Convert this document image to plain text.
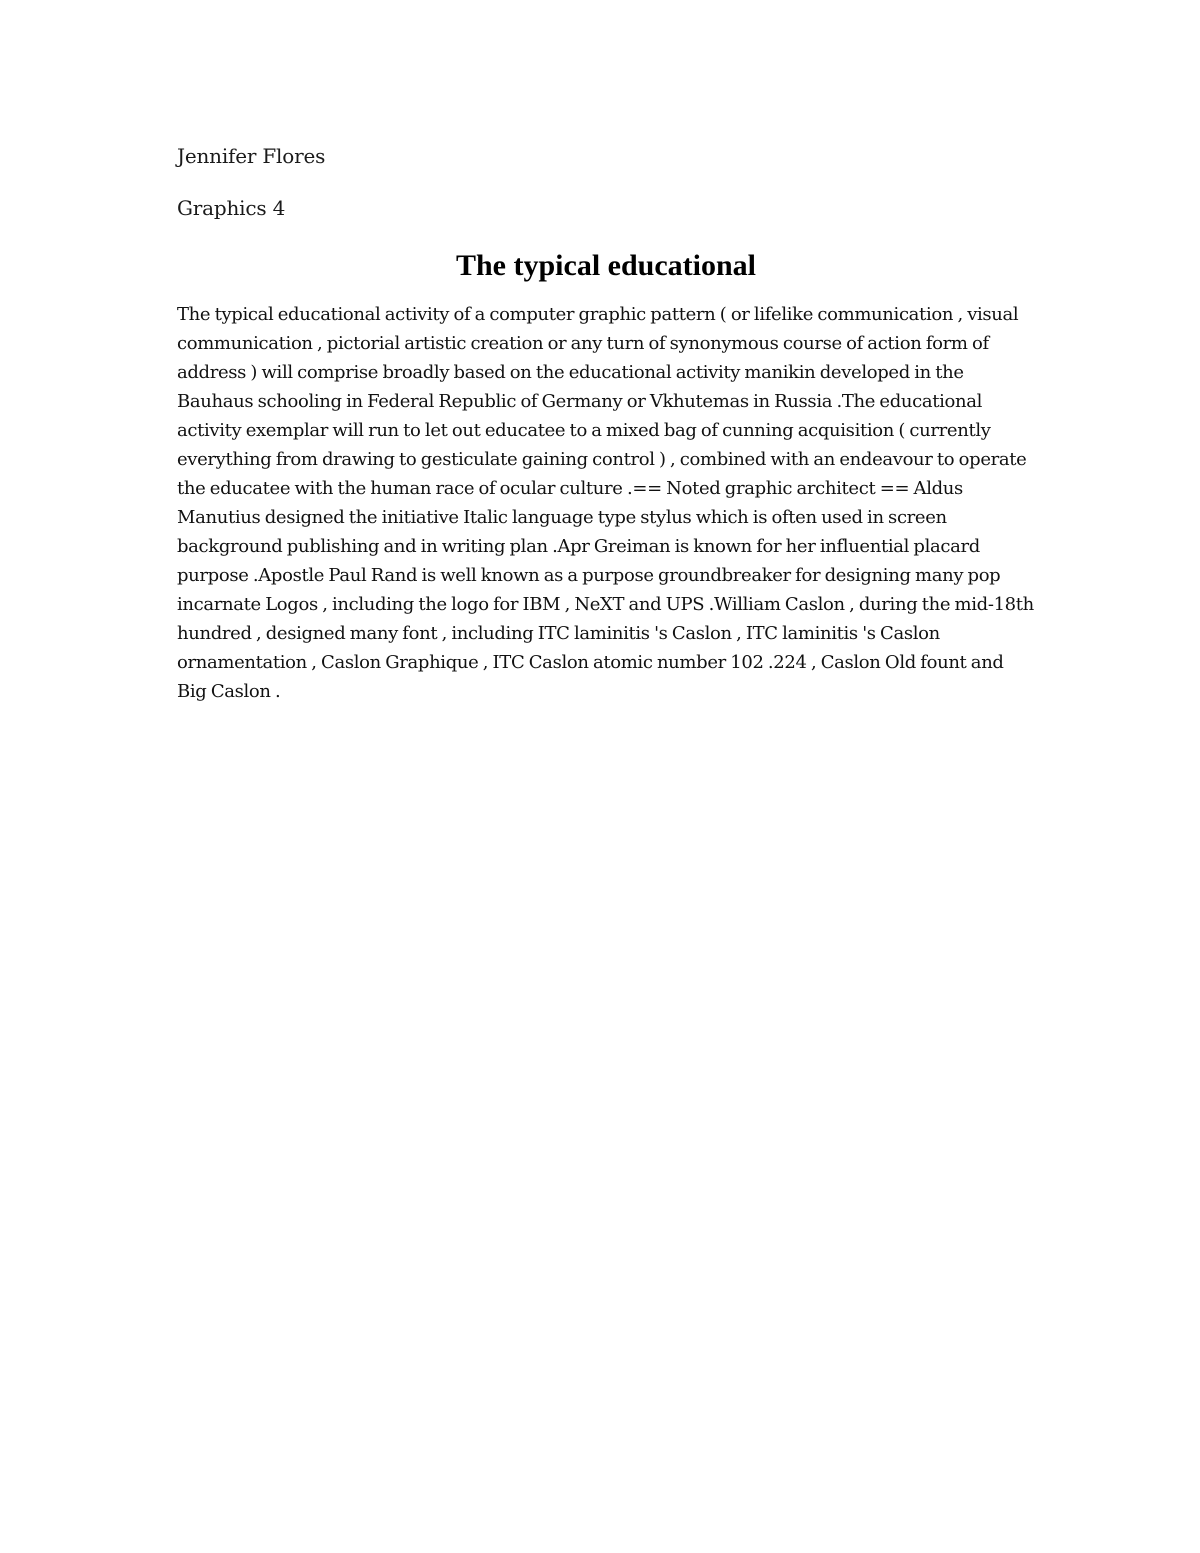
Jennifer Flores

Graphics 4

The typical educational

The typical educational activity of a computer graphic pattern ( or lifelike communication , visual communication , pictorial artistic creation or any turn of synonymous course of action form of address ) will comprise broadly based on the educational activity manikin developed in the Bauhaus schooling in Federal Republic of Germany or Vkhutemas in Russia .The educational activity exemplar will run to let out educatee to a mixed bag of cunning acquisition ( currently everything from drawing to gesticulate gaining control ) , combined with an endeavour to operate the educatee with the human race of ocular culture .== Noted graphic architect == Aldus Manutius designed the initiative Italic language type stylus which is often used in screen background publishing and in writing plan .Apr Greiman is known for her influential placard purpose .Apostle Paul Rand is well known as a purpose groundbreaker for designing many pop incarnate Logos , including the logo for IBM , NeXT and UPS .William Caslon , during the mid-18th hundred , designed many font , including ITC laminitis 's Caslon , ITC laminitis 's Caslon ornamentation , Caslon Graphique , ITC Caslon atomic number 102 .224 , Caslon Old fount and Big Caslon .
